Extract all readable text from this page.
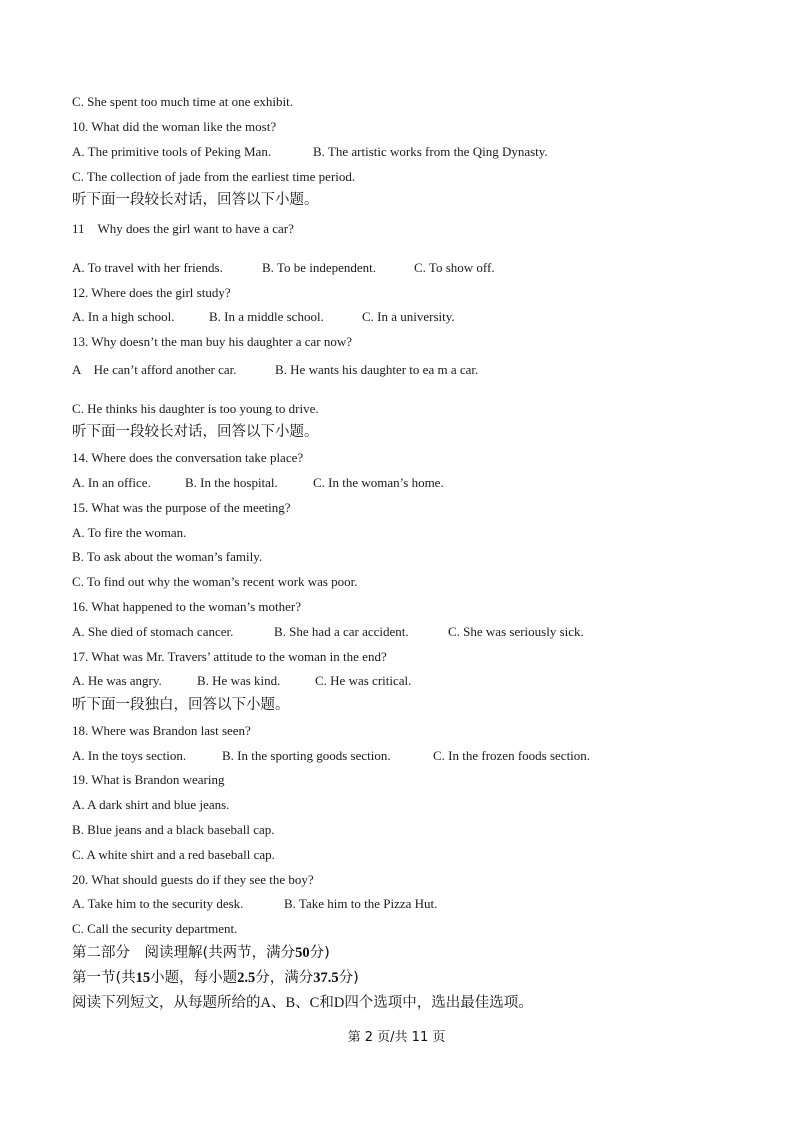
C. She spent too much time at one exhibit.
10. What did the woman like the most?
A. The primitive tools of Peking Man.	B. The artistic works from the Qing Dynasty.
C. The collection of jade from the earliest time period.
听下面一段较长对话，回答以下小题。
11　Why does the girl want to have a car?
A. To travel with her friends.	B. To be independent.	C. To show off.
12. Where does the girl study?
A. In a high school.	B. In a middle school.	C. In a university.
13. Why doesn’t the man buy his daughter a car now?
A　He can’t afford another car.	B. He wants his daughter to ea m a car.
C. He thinks his daughter is too young to drive.
听下面一段较长对话，回答以下小题。
14. Where does the conversation take place?
A. In an office.	B. In the hospital.	C. In the woman’s home.
15. What was the purpose of the meeting?
A. To fire the woman.
B. To ask about the woman’s family.
C. To find out why the woman’s recent work was poor.
16. What happened to the woman’s mother?
A. She died of stomach cancer.	B. She had a car accident.	C. She was seriously sick.
17. What was Mr. Travers’ attitude to the woman in the end?
A. He was angry.	B. He was kind.	C. He was critical.
听下面一段独白，回答以下小题。
18. Where was Brandon last seen?
A. In the toys section.	B. In the sporting goods section.	C. In the frozen foods section.
19. What is Brandon wearing
A. A dark shirt and blue jeans.
B. Blue jeans and a black baseball cap.
C. A white shirt and a red baseball cap.
20. What should guests do if they see the boy?
A. Take him to the security desk.	B. Take him to the Pizza Hut.
C. Call the security department.
第二部分　阅读理解(共两节，满分50分)
第一节(共15小题，每小题2.5分，满分37.5分)
阅读下列短文，从每题所给的A、B、C和D四个选项中，选出最佳选项。
第 2 页/共 11 页
